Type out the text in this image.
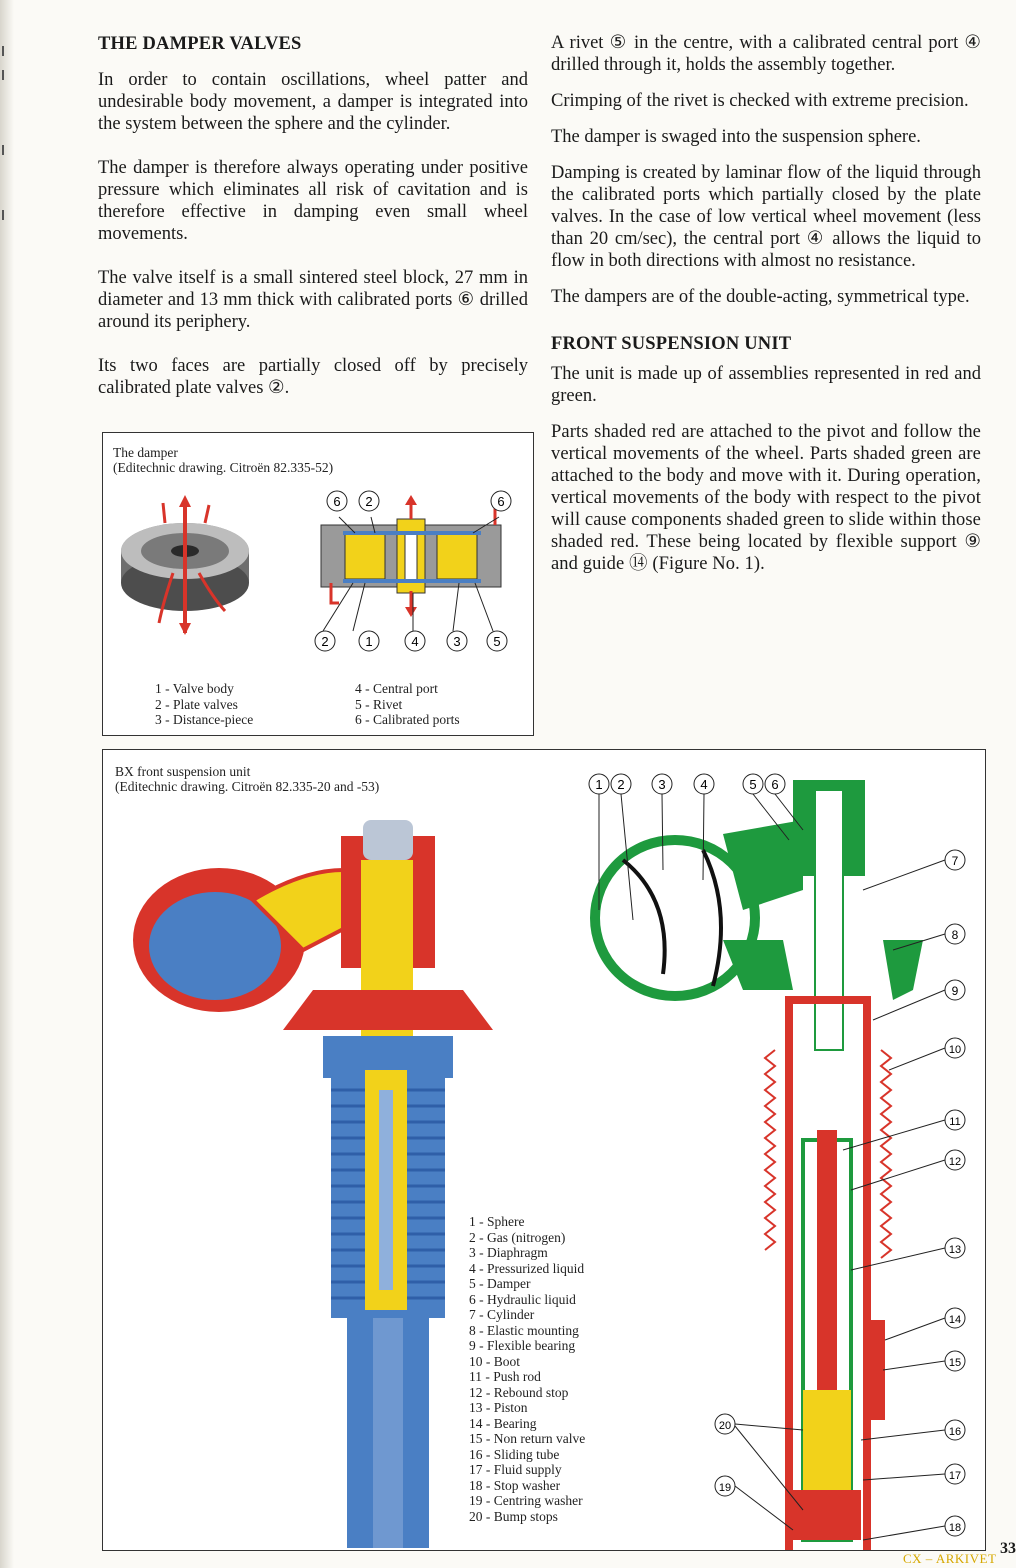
THE DAMPER VALVES

In order to contain oscillations, wheel patter and undesirable body movement, a damper is integrated into the system between the sphere and the cylinder.

The damper is therefore always operating under positive pressure which eliminates all risk of cavitation and is therefore effective in damping even small wheel movements.

The valve itself is a small sintered steel block, 27 mm in diameter and 13 mm thick with calibrated ports ⑥ drilled around its periphery.

Its two faces are partially closed off by precisely calibrated plate valves ②.

A rivet ⑤ in the centre, with a calibrated central port ④ drilled through it, holds the assembly together.

Crimping of the rivet is checked with extreme precision.

The damper is swaged into the suspension sphere.

Damping is created by laminar flow of the liquid through the calibrated ports which partially closed by the plate valves. In the case of low vertical wheel movement (less than 20 cm/sec), the central port ④ allows the liquid to flow in both directions with almost no resistance.

The dampers are of the double-acting, symmetrical type.

FRONT SUSPENSION UNIT

The unit is made up of assemblies represented in red and green.

Parts shaded red are attached to the pivot and follow the vertical movements of the wheel. Parts shaded green are attached to the body and move with it. During operation, vertical movements of the body with respect to the pivot will cause components shaded green to slide within those shaded red. These being located by flexible support ⑨ and guide ⑭ (Figure No. 1).

The damper
(Editechnic drawing. Citroën 82.335-52)
6 2	6
2	1	4	3	5
1 - Valve body
2 - Plate valves
3 - Distance-piece
4 - Central port
5 - Rivet
6 - Calibrated ports
BX front suspension unit
(Editechnic drawing. Citroën 82.335-20 and -53)	1 2	3	4	5 6
7
8
9
10
11
12
13
14
15
16
17
18
20
19
1 - Sphere
2 - Gas (nitrogen)
3 - Diaphragm
4 - Pressurized liquid
5 - Damper
6 - Hydraulic liquid
7 - Cylinder
8 - Elastic mounting
9 - Flexible bearing
10 - Boot
11 - Push rod
12 - Rebound stop
13 - Piston
14 - Bearing
15 - Non return valve
16 - Sliding tube
17 - Fluid supply
18 - Stop washer
19 - Centring washer
20 - Bump stops
33
CX – ARKIVET
